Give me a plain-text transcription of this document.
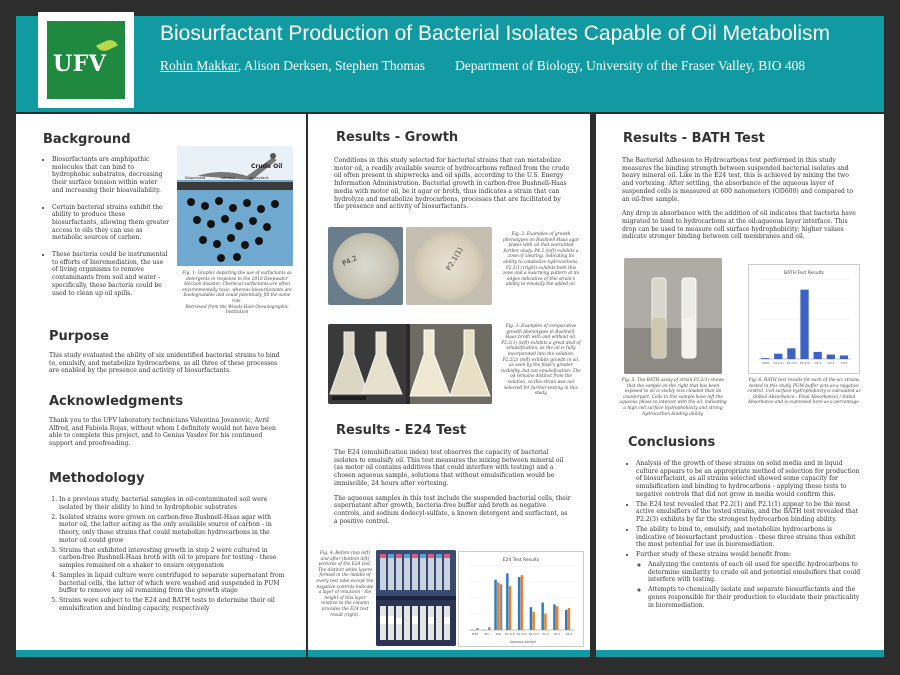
UFV
Biosurfactant Production of Bacterial Isolates Capable of Oil Metabolism
Rohin Makkar, Alison Derksen, Stephen Thomas Department of Biology, University of the Fraser Valley, BIO 408
Background
• Biosurfactants are amphipathic molecules that can bind to hydrophobic substrates, decreasing their surface tension within water and increasing their bioavailability.
• Certain bacterial strains exhibit the ability to produce these biosurfactants, allowing them greater access to oils they can use as metabolic sources of carbon.
• These bacteria could be instrumental to efforts of bioremediation, the use of living organisms to remove contaminants from soil and water - specifically, these bacteria could be used to clean up oil spills.
Crude Oil
Dispersant	solvent	surfactant
Fig. 1: Graphic depicting the use of surfactants as detergents in response to the 2010 Deepwater Horizon disaster. Chemical surfactants are often environmentally toxic, whereas biosurfactants are biodegradable and could potentially fill the same role.
Retrieved from the Woods Hole Oceanographic Institution
Purpose
This study evaluated the ability of six unidentified bacterial strains to bind to, emulsify, and metabolize hydrocarbons, as all three of these processes are enabled by the presence and activity of biosurfactants.
Acknowledgments
Thank you to the UFV laboratory technicians Valentina Jovanovic, Avril Alfred, and Fabiola Rojas, without whom I definitely would not have been able to complete this project, and to Genius Vasdev for his continued support and proofreading.
Methodology
1. In a previous study, bacterial samples in oil-contaminated soil were isolated by their ability to bind to hydrophobic substrates
2. Isolated strains were grown on carbon-free Bushnell-Haas agar with motor oil, the latter acting as the only available source of carbon - in theory, only those strains that could metabolize hydrocarbons in the motor oil could grow
3. Strains that exhibited interesting growth in step 2 were cultured in carbon-free Bushnell-Haas broth with oil to prepare for testing - these samples remained on a shaker to ensure oxygenation
4. Samples in liquid culture were centrifuged to separate supernatant from bacterial cells, the latter of which were washed and suspended in PUM buffer to remove any oil remaining from the growth stage
5. Strains were subject to the E24 and BATH tests to determine their oil emulsification and binding capacity, respectively
Results - Growth
Conditions in this study selected for bacterial strains that can metabolize motor oil, a readily available source of hydrocarbons refined from the crude oil often present in shipwrecks and oil spills, according to the U.S. Energy Information Administration. Bacterial growth in carbon-free Bushnell-Haas media with motor oil, be it agar or broth, thus indicates a strain that can hydrolyze and metabolize hydrocarbons, processes that are facilitated by the presence and activity of biosurfactants.
P4.2	P2.1(1)
Fig. 2: Examples of growth phenotypes on Bushnell-Haas agar plates with oil that warranted further study. P4.2 (left) exhibits a zone of clearing, indicating its ability to catabolize hydrocarbons. P2.1(1) (right) exhibits both this zone and a swarming pattern at its edges indicative of this strain's ability to emulsify the added oil.
Fig. 3: Examples of comparative growth phenotypes in Bushnell-Haas broth with and without oil. P2.2(1) (left) exhibits a great deal of emulsification, as the oil is fully incorporated into the solution. P2.2(2) (left) exhibits growth in oil, as seen by the flask's greater turbidity, but not emulsification. The oil remains distinct from the solution, so this strain was not selected for further testing in this study.
Results - E24 Test

The E24 (emulsification index) test observes the capacity of bacterial isolates to emulsify oil. This test measures the mixing between mineral oil (as motor oil contains additives that could interfere with testing) and a chosen aqueous sample, solutions that without emulsification would be immiscible, 24 hours after vortexing.

The aqueous samples in this test include the suspended bacterial cells, their supernatant after growth, bacteria-free buffer and broth as negative controls, and sodium dodecyl-sulfate, a known detergent and surfactant, as a positive control.

Fig. 4: Before (top left) and after (bottom left) pictures of the E24 test. The distinct white layers formed in the middle of every test tube except the negative controls indicate a layer of emulsion - the height of this layer relative to the column provides the E24 test result (right).
E24 Test Results
Aqueous sample
PUM BH SDS P2.1(1) P2.2(1) P2.2(3) P2.4 P4.1 P4.2
Results - BATH Test

The Bacterial Adhesion to Hydrocarbons test performed in this study measures the binding strength between suspended bacterial isolates and heavy mineral oil. Like in the E24 test, this is achieved by mixing the two and vortexing. After settling, the absorbance of the aqueous layer of suspended cells is measured at 600 nanometers (OD600) and compared to an oil-free sample.

Any drop in absorbance with the addition of oil indicates that bacteria have migrated to bind to hydrocarbons at the oil:aqueous layer interface. This drop can be used to measure cell surface hydrophobicity; higher values indicate stronger binding between cell membranes and oil.

Fig. 5: The BATH assay of strain P2.2(1) shows that the sample on the right that has been exposed to oil is visibly less clouded than its counterpart. Cells in this sample have left the aqueous phase to interact with the oil, indicating a high cell surface hydrophobicity and strong hydrocarbon binding ability.
BATH Test Results
PUM P2.1(1) P2.2(1) P2.2(3) P2.4	P4.1	P4.2
Fig. 6: BATH test results for each of the six strains tested in this study. PUM buffer acts as a negative control. Cell surface hydrophobicity is calculated as (Initial Absorbance - Final Absorbance) / Initial Absorbance and is expressed here as a percentage.
Conclusions
• Analysis of the growth of these strains on solid media and in liquid culture appears to be an appropriate method of selection for production of biosurfactant, as all strains selected showed some capacity for emulsification and binding to hydrocarbons - applying these tests to negative controls that did not grow in media would confirm this.
• The E24 test revealed that P2.2(1) and P2.1(1) appear to be the most active emulsifiers of the tested strains, and the BATH test revealed that P2.2(3) exhibits by far the strongest hydrocarbon binding ability.
• The ability to bind to, emulsify, and metabolize hydrocarbons is indicative of biosurfactant production - these three strains thus exhibit the most potential for use in bioremediation.
• Further study of these strains would benefit from:
◦ Analyzing the contents of each oil used for specific hydrocarbons to determine similarity to crude oil and potential emulsifiers that could interfere with testing.
◦ Attempts to chemically isolate and separate biosurfactants and the genes responsible for their production to elucidate their practicality in bioremediation.
